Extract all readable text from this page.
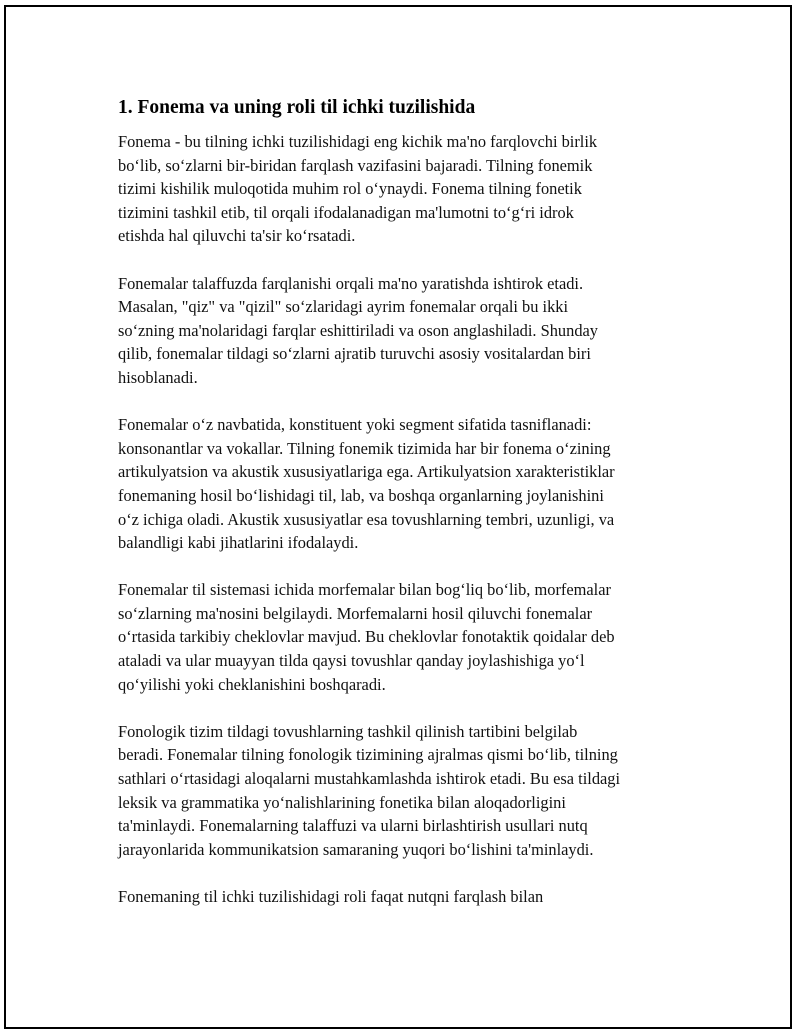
1. Fonema va uning roli til ichki tuzilishida

Fonema - bu tilning ichki tuzilishidagi eng kichik ma'no farqlovchi birlik
bo‘lib, so‘zlarni bir-biridan farqlash vazifasini bajaradi. Tilning fonemik
tizimi kishilik muloqotida muhim rol o‘ynaydi. Fonema tilning fonetik
tizimini tashkil etib, til orqali ifodalanadigan ma'lumotni to‘g‘ri idrok
etishda hal qiluvchi ta'sir ko‘rsatadi.

Fonemalar talaffuzda farqlanishi orqali ma'no yaratishda ishtirok etadi.
Masalan, "qiz" va "qizil" so‘zlaridagi ayrim fonemalar orqali bu ikki
so‘zning ma'nolaridagi farqlar eshittiriladi va oson anglashiladi. Shunday
qilib, fonemalar tildagi so‘zlarni ajratib turuvchi asosiy vositalardan biri
hisoblanadi.

Fonemalar o‘z navbatida, konstituent yoki segment sifatida tasniflanadi:
konsonantlar va vokallar. Tilning fonemik tizimida har bir fonema o‘zining
artikulyatsion va akustik xususiyatlariga ega. Artikulyatsion xarakteristiklar
fonemaning hosil bo‘lishidagi til, lab, va boshqa organlarning joylanishini
o‘z ichiga oladi. Akustik xususiyatlar esa tovushlarning tembri, uzunligi, va
balandligi kabi jihatlarini ifodalaydi.

Fonemalar til sistemasi ichida morfemalar bilan bog‘liq bo‘lib, morfemalar
so‘zlarning ma'nosini belgilaydi. Morfemalarni hosil qiluvchi fonemalar
o‘rtasida tarkibiy cheklovlar mavjud. Bu cheklovlar fonotaktik qoidalar deb
ataladi va ular muayyan tilda qaysi tovushlar qanday joylashishiga yo‘l
qo‘yilishi yoki cheklanishini boshqaradi.

Fonologik tizim tildagi tovushlarning tashkil qilinish tartibini belgilab
beradi. Fonemalar tilning fonologik tizimining ajralmas qismi bo‘lib, tilning
sathlari o‘rtasidagi aloqalarni mustahkamlashda ishtirok etadi. Bu esa tildagi
leksik va grammatika yo‘nalishlarining fonetika bilan aloqadorligini
ta'minlaydi. Fonemalarning talaffuzi va ularni birlashtirish usullari nutq
jarayonlarida kommunikatsion samaraning yuqori bo‘lishini ta'minlaydi.

Fonemaning til ichki tuzilishidagi roli faqat nutqni farqlash bilan
